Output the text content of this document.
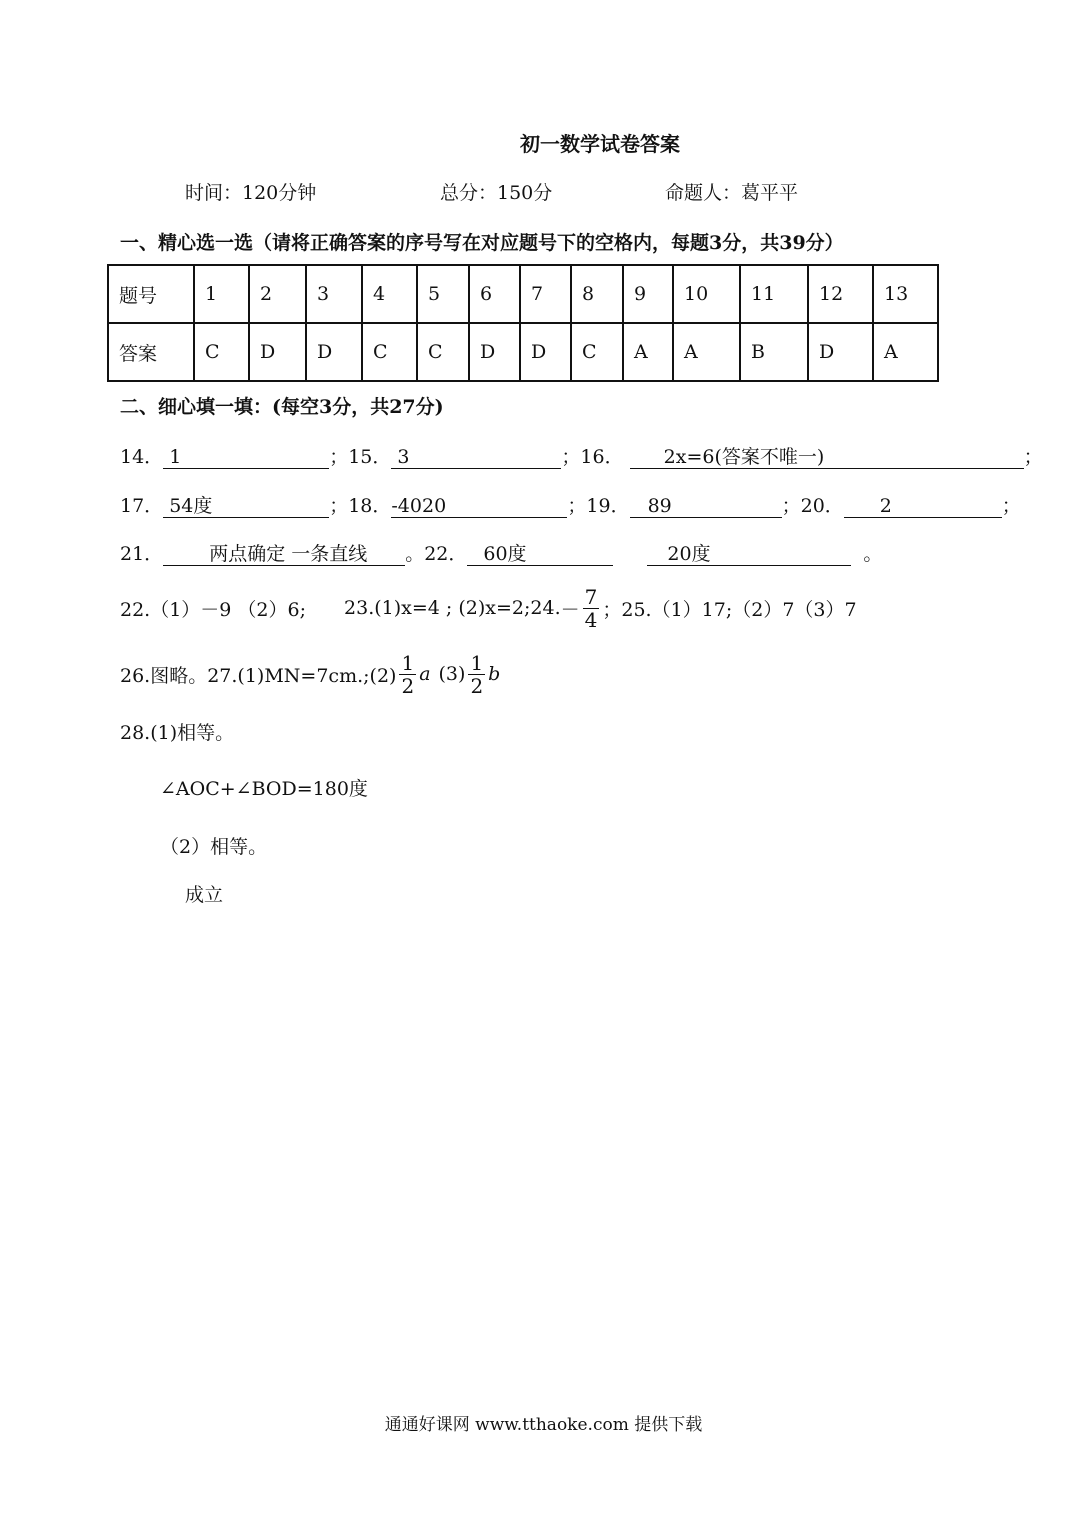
初一数学试卷答案
时间：120分钟	总分：150分	命题人：葛平平
一、精心选一选（请将正确答案的序号写在对应题号下的空格内，每题3分，共39分）
题号	1	2	3	4	5	6	7	8	9	10	11	12	13
答案	C	D	D	C	C	D	D	C	A	A	B	D	A
二、细心填一填：(每空3分，共27分)
14． 1	；15． 3	；16． 2x=6(答案不唯一)	；
17． 54度	；18．-4020	；19． 89	；20． 2	；
21． 两点确定 一条直线 。22． 60度	20度	。
22.（1）－9 （2）6; 23.(1)x=4 ; (2)x=2; 24. － $\frac{7}{4}$ ；25.（1）17;（2）7（3）7
26.图略。27.(1)MN=7cm.;(2) $\frac{1}{2}$ a $(3) \frac{1}{2}$ b
28.(1)相等。
∠AOC+∠BOD=180度
（2）相等。
成立
通通好课网 www.tthaoke.com 提供下载
